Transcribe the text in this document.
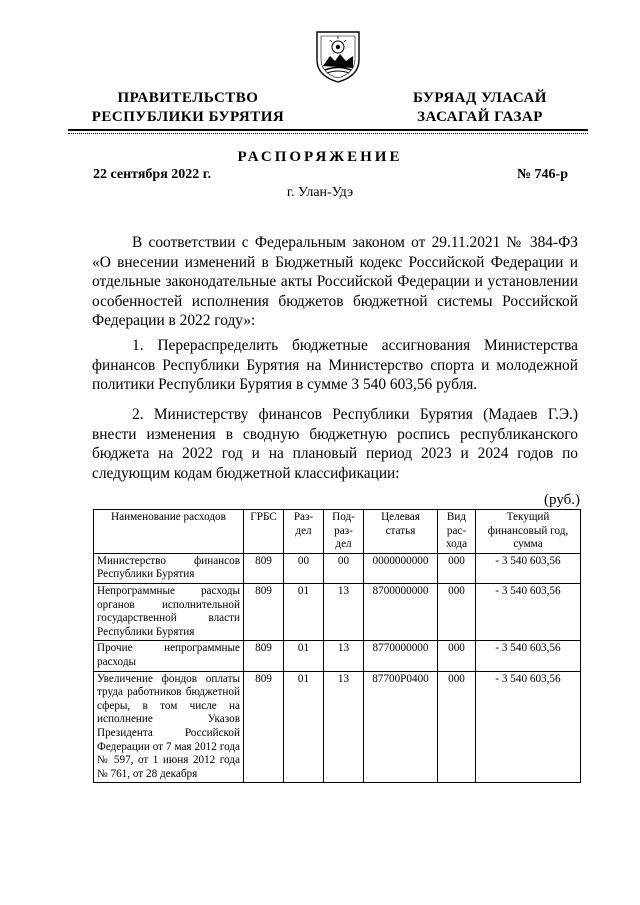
ПРАВИТЕЛЬСТВО
РЕСПУБЛИКИ БУРЯТИЯ
БУРЯАД УЛАСАЙ
ЗАСАГАЙ ГАЗАР
РАСПОРЯЖЕНИЕ
22 сентября 2022 г.	№ 746-р
г. Улан-Удэ
В соответствии с Федеральным законом от 29.11.2021 № 384-ФЗ «О внесении изменений в Бюджетный кодекс Российской Федерации и отдельные законодательные акты Российской Федерации и установлении особенностей исполнения бюджетов бюджетной системы Российской Федерации в 2022 году»:
1. Перераспределить бюджетные ассигнования Министерства финансов Республики Бурятия на Министерство спорта и молодежной политики Республики Бурятия в сумме 3 540 603,56 рубля.
2. Министерству финансов Республики Бурятия (Мадаев Г.Э.) внести изменения в сводную бюджетную роспись республиканского бюджета на 2022 год и на плановый период 2023 и 2024 годов по следующим кодам бюджетной классификации:
(руб.)
Наименование расходов	ГРБС	Раз-дел	Под-раз-дел	Целевая статья	Вид рас-хода	Текущий финансовый год, сумма
Министерство финансов Республики Бурятия	809	00	00	0000000000	000	- 3 540 603,56
Непрограммные расходы органов исполнительной государственной власти Республики Бурятия	809	01	13	8700000000	000	- 3 540 603,56
Прочие непрограммные расходы	809	01	13	8770000000	000	- 3 540 603,56
Увеличение фондов оплаты труда работников бюджетной сферы, в том числе на исполнение Указов Президента Российской Федерации от 7 мая 2012 года № 597, от 1 июня 2012 года № 761, от 28 декабря	809	01	13	87700P0400	000	- 3 540 603,56
